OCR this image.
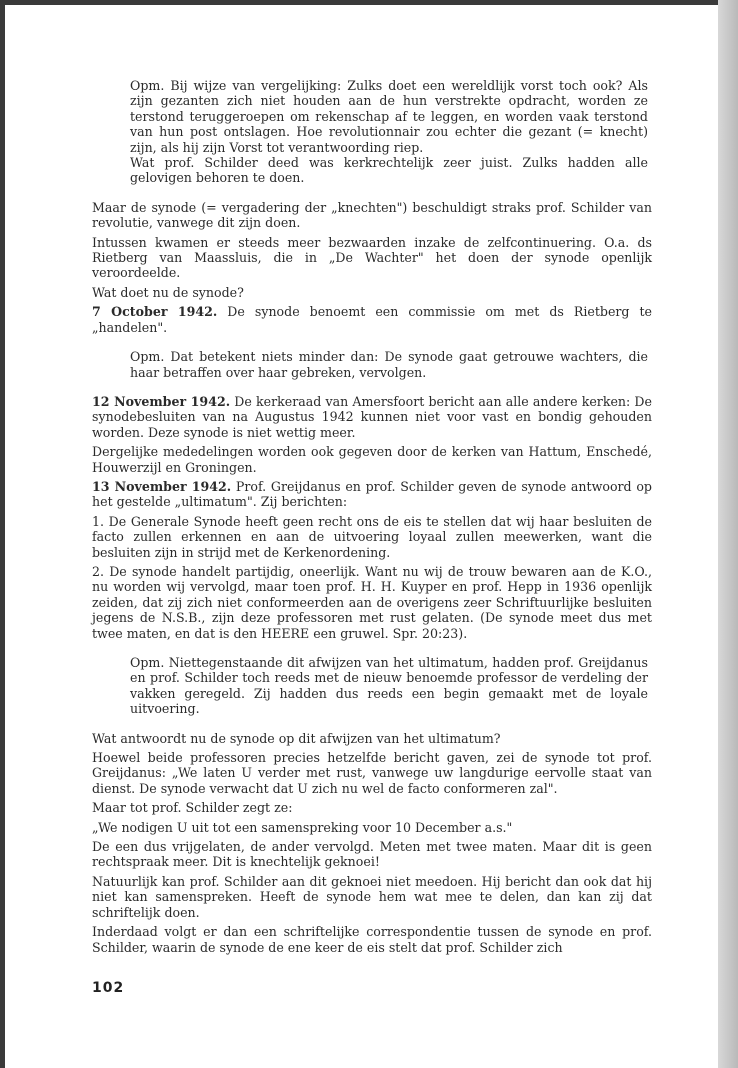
Opm. Bij wijze van vergelijking: Zulks doet een wereldlijk vorst toch ook? Als zijn gezanten zich niet houden aan de hun verstrekte opdracht, worden ze terstond teruggeroepen om rekenschap af te leggen, en worden vaak terstond van hun post ontslagen. Hoe revolutionnair zou echter die gezant (= knecht) zijn, als hij zijn Vorst tot verantwoording riep.

Wat prof. Schilder deed was kerkrechtelijk zeer juist. Zulks hadden alle gelovigen behoren te doen.

Maar de synode (= vergadering der „knechten") beschuldigt straks prof. Schilder van revolutie, vanwege dit zijn doen.

Intussen kwamen er steeds meer bezwaarden inzake de zelfcontinuering. O.a. ds Rietberg van Maassluis, die in „De Wachter" het doen der synode openlijk veroordeelde.

Wat doet nu de synode?

7 October 1942. De synode benoemt een commissie om met ds Rietberg te „handelen".

Opm. Dat betekent niets minder dan: De synode gaat getrouwe wachters, die haar betraffen over haar gebreken, vervolgen.

12 November 1942. De kerkeraad van Amersfoort bericht aan alle andere kerken: De synodebesluiten van na Augustus 1942 kunnen niet voor vast en bondig gehouden worden. Deze synode is niet wettig meer.

Dergelijke mededelingen worden ook gegeven door de kerken van Hattum, Enschedé, Houwerzijl en Groningen.

13 November 1942. Prof. Greijdanus en prof. Schilder geven de synode antwoord op het gestelde „ultimatum". Zij berichten:

1. De Generale Synode heeft geen recht ons de eis te stellen dat wij haar besluiten de facto zullen erkennen en aan de uitvoering loyaal zullen meewerken, want die besluiten zijn in strijd met de Kerkenordening.

2. De synode handelt partijdig, oneerlijk. Want nu wij de trouw bewaren aan de K.O., nu worden wij vervolgd, maar toen prof. H. H. Kuyper en prof. Hepp in 1936 openlijk zeiden, dat zij zich niet conformeerden aan de overigens zeer Schriftuurlijke besluiten jegens de N.S.B., zijn deze professoren met rust gelaten. (De synode meet dus met twee maten, en dat is den HEERE een gruwel. Spr. 20:23).

Opm. Niettegenstaande dit afwijzen van het ultimatum, hadden prof. Greijdanus en prof. Schilder toch reeds met de nieuw benoemde professor de verdeling der vakken geregeld. Zij hadden dus reeds een begin gemaakt met de loyale uitvoering.

Wat antwoordt nu de synode op dit afwijzen van het ultimatum?

Hoewel beide professoren precies hetzelfde bericht gaven, zei de synode tot prof. Greijdanus: „We laten U verder met rust, vanwege uw langdurige eervolle staat van dienst. De synode verwacht dat U zich nu wel de facto conformeren zal".

Maar tot prof. Schilder zegt ze:

„We nodigen U uit tot een samenspreking voor 10 December a.s."

De een dus vrijgelaten, de ander vervolgd. Meten met twee maten. Maar dit is geen rechtspraak meer. Dit is knechtelijk geknoei!

Natuurlijk kan prof. Schilder aan dit geknoei niet meedoen. Hij bericht dan ook dat hij niet kan samenspreken. Heeft de synode hem wat mee te delen, dan kan zij dat schriftelijk doen.

Inderdaad volgt er dan een schriftelijke correspondentie tussen de synode en prof. Schilder, waarin de synode de ene keer de eis stelt dat prof. Schilder zich

102
